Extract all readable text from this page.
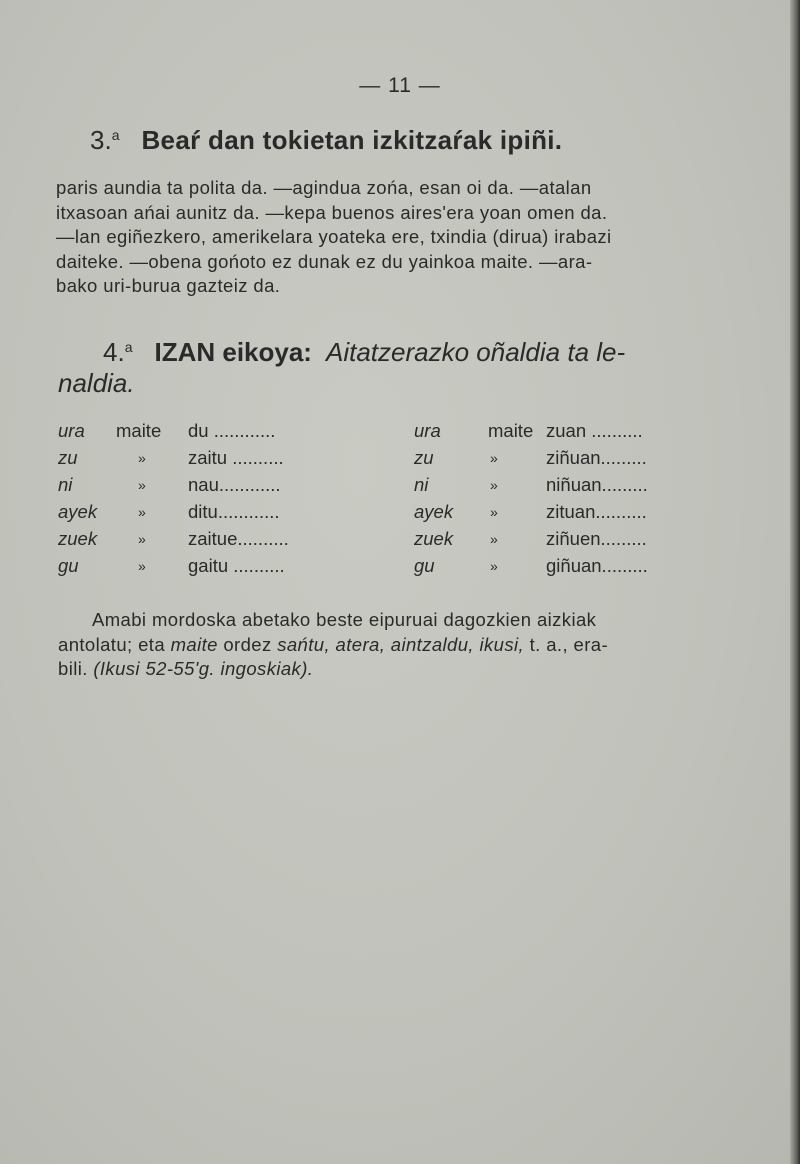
— 11 —
3.$^a$ Beaŕ dan tokietan izkitzaŕak ipiñi.
paris aundia ta polita da. —agindua zońa, esan oi da. —atalan
itxasoan ańai aunitz da. —kepa buenos aires'era yoan omen da.
—lan egiñezkero, amerikelara yoateka ere, txindia (dirua) irabazi
daiteke. —obena gońoto ez dunak ez du yainkoa maite. —ara-
bako uri-burua gazteiz da.
4.$^a$ IZAN eikoya: Aitatzerazko oñaldia ta le-
naldia.
ura maite du ............	ura	maite zuan ..........
zu	» zaitu ..........	zu	»	ziñuan.........
ni	» nau............	ni	»	niñuan.........
ayek	» ditu............	ayek	»	zituan..........
zuek	» zaitue..........	zuek	»	ziñuen.........
gu	» gaitu ..........	gu	»	giñuan.........
Amabi mordoska abetako beste eipuruai dagozkien aizkiak
antolatu; eta maite ordez sańtu, atera, aintzaldu, ikusi, t. a., era-
bili. (Ikusi 52-55'g. ingoskiak).
